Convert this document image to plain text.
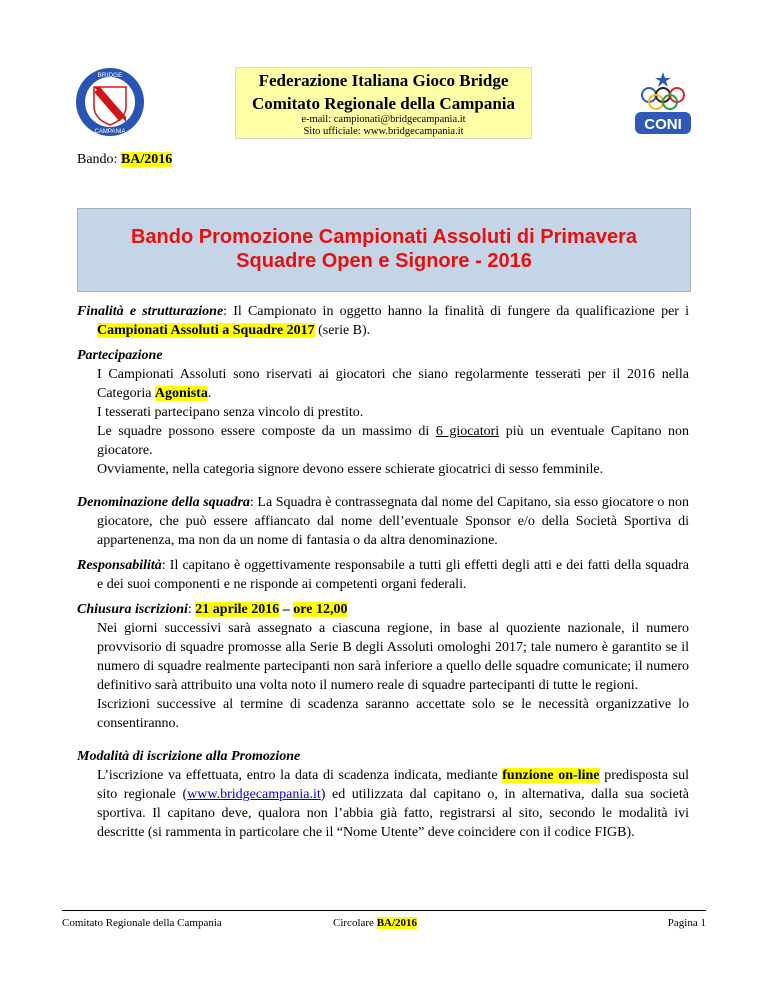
BRIDGE
CAMPANIA
Federazione Italiana Gioco Bridge
Comitato Regionale della Campania
e-mail: campionati@bridgecampania.it
Sito ufficiale: www.bridgecampania.it	CONI
Bando: BA/2016
Bando Promozione Campionati Assoluti di Primavera
Squadre Open e Signore - 2016
Finalità e strutturazione: Il Campionato in oggetto hanno la finalità di fungere da qualificazione per i Campionati Assoluti a Squadre 2017 (serie B).
Partecipazione
I Campionati Assoluti sono riservati ai giocatori che siano regolarmente tesserati per il 2016 nella Categoria Agonista.
I tesserati partecipano senza vincolo di prestito.
Le squadre possono essere composte da un massimo di 6 giocatori più un eventuale Capitano non giocatore.
Ovviamente, nella categoria signore devono essere schierate giocatrici di sesso femminile.
Denominazione della squadra: La Squadra è contrassegnata dal nome del Capitano, sia esso giocatore o non giocatore, che può essere affiancato dal nome dell’eventuale Sponsor e/o della Società Sportiva di appartenenza, ma non da un nome di fantasia o da altra denominazione.
Responsabilità: Il capitano è oggettivamente responsabile a tutti gli effetti degli atti e dei fatti della squadra e dei suoi componenti e ne risponde ai competenti organi federali.
Chiusura iscrizioni: 21 aprile 2016 – ore 12,00
Nei giorni successivi sarà assegnato a ciascuna regione, in base al quoziente nazionale, il numero provvisorio di squadre promosse alla Serie B degli Assoluti omologhi 2017; tale numero è garantito se il numero di squadre realmente partecipanti non sarà inferiore a quello delle squadre comunicate; il numero definitivo sarà attribuito una volta noto il numero reale di squadre partecipanti di tutte le regioni.
Iscrizioni successive al termine di scadenza saranno accettate solo se le necessità organizzative lo consentiranno.
Modalità di iscrizione alla Promozione
L’iscrizione va effettuata, entro la data di scadenza indicata, mediante funzione on-line predisposta sul sito regionale (www.bridgecampania.it) ed utilizzata dal capitano o, in alternativa, dalla sua società sportiva. Il capitano deve, qualora non l’abbia già fatto, registrarsi al sito, secondo le modalità ivi descritte (si rammenta in particolare che il “Nome Utente” deve coincidere con il codice FIGB).
Comitato Regionale della Campania	Circolare BA/2016	Pagina 1
